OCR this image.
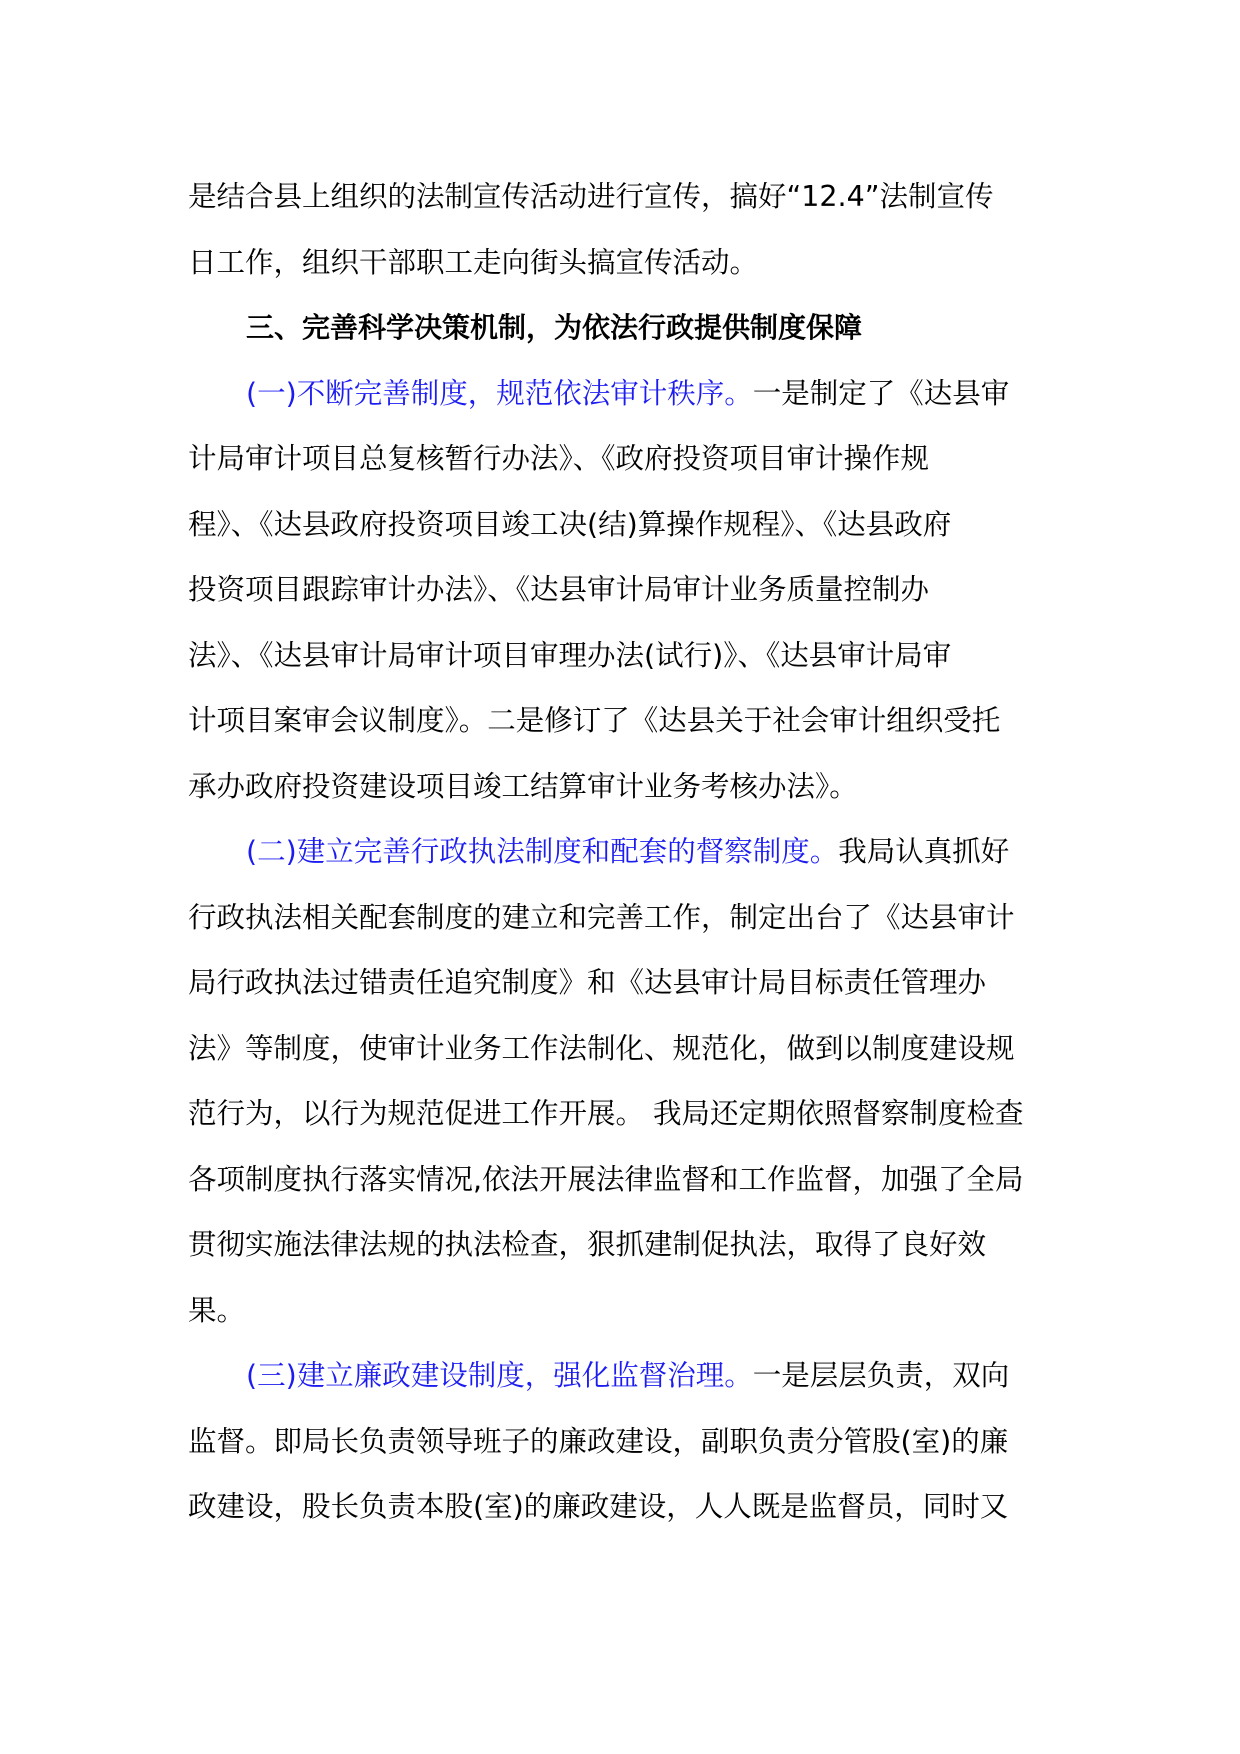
是结合县上组织的法制宣传活动进行宣传，搞好“12.4”法制宣传
日工作，组织干部职工走向街头搞宣传活动。
三、完善科学决策机制，为依法行政提供制度保障
(一)不断完善制度，规范依法审计秩序。一是制定了《达县审
计局审计项目总复核暂行办法》、《政府投资项目审计操作规
程》、《达县政府投资项目竣工决(结)算操作规程》、《达县政府
投资项目跟踪审计办法》、《达县审计局审计业务质量控制办
法》、《达县审计局审计项目审理办法(试行)》、《达县审计局审
计项目案审会议制度》。二是修订了《达县关于社会审计组织受托
承办政府投资建设项目竣工结算审计业务考核办法》。
(二)建立完善行政执法制度和配套的督察制度。我局认真抓好
行政执法相关配套制度的建立和完善工作，制定出台了《达县审计
局行政执法过错责任追究制度》和《达县审计局目标责任管理办
法》等制度，使审计业务工作法制化、规范化，做到以制度建设规
范行为，以行为规范促进工作开展。 我局还定期依照督察制度检查
各项制度执行落实情况,依法开展法律监督和工作监督，加强了全局
贯彻实施法律法规的执法检查，狠抓建制促执法，取得了良好效
果。
(三)建立廉政建设制度，强化监督治理。一是层层负责，双向
监督。即局长负责领导班子的廉政建设，副职负责分管股(室)的廉
政建设，股长负责本股(室)的廉政建设，人人既是监督员，同时又
